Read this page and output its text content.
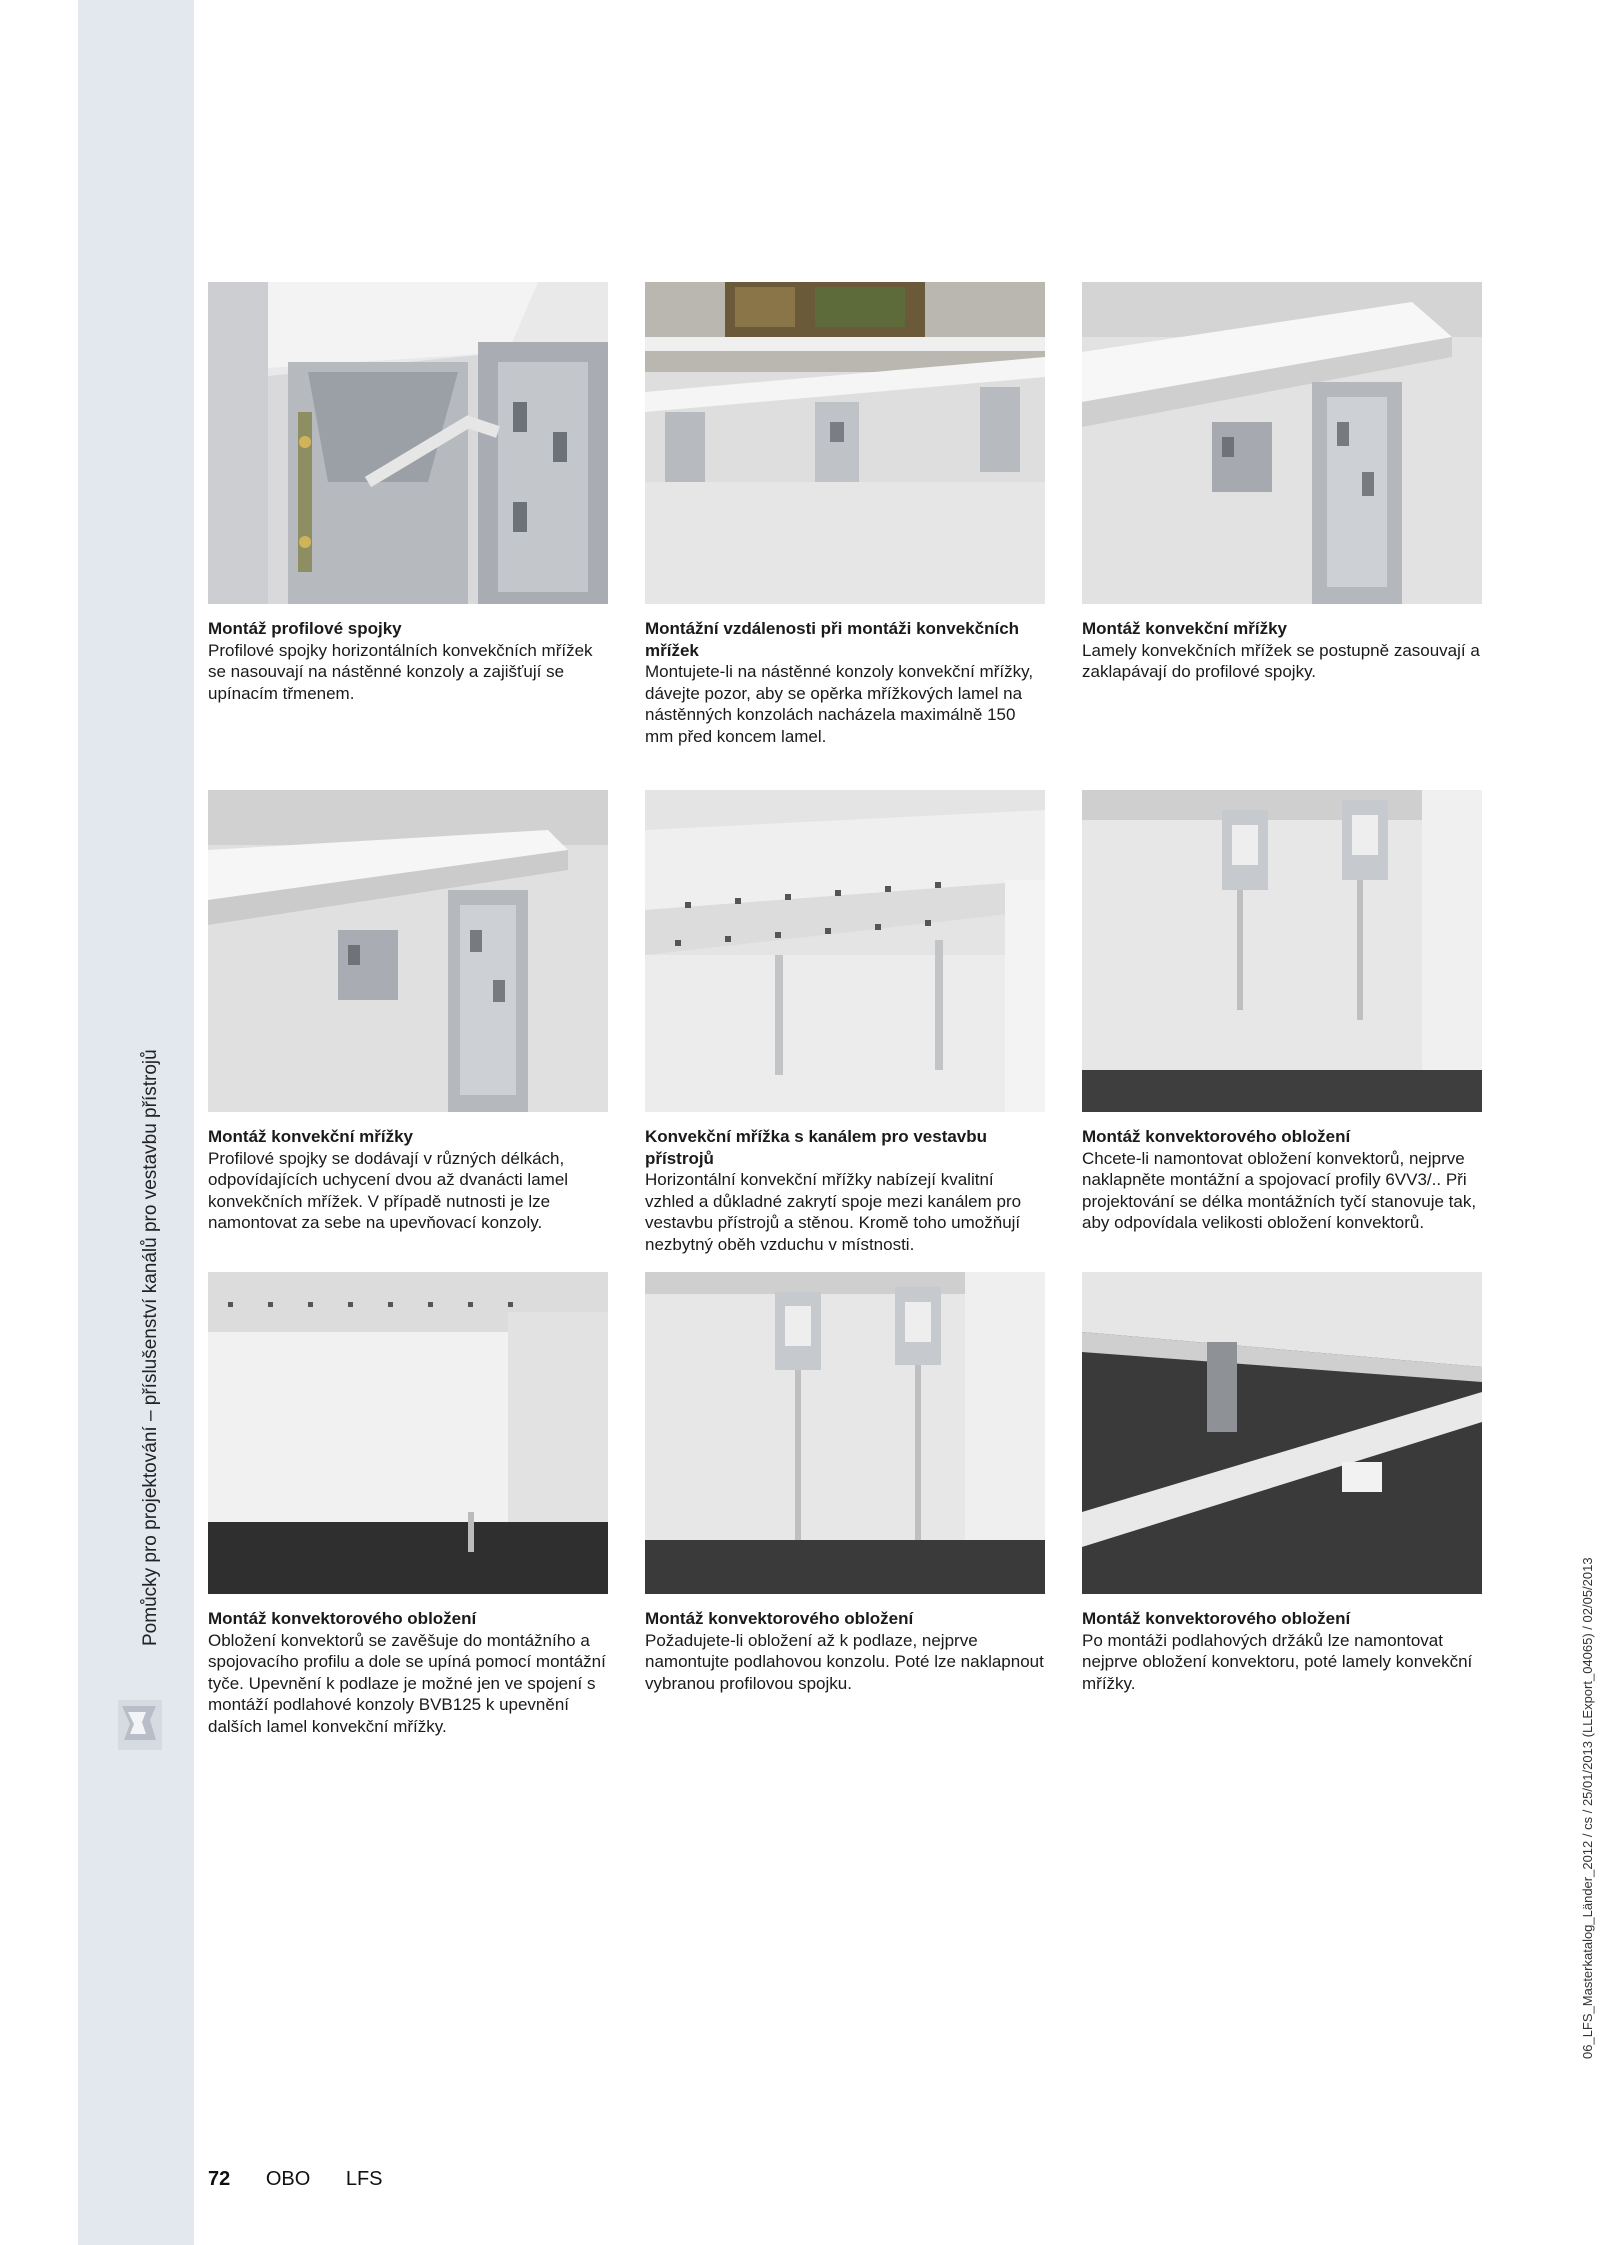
Pomůcky pro projektování – příslušenství kanálů pro vestavbu přístrojů
06_LFS_Masterkatalog_Länder_2012 / cs / 25/01/2013 (LLExport_04065) / 02/05/2013
Montáž profilové spojky
Profilové spojky horizontálních konvekčních mřížek se nasouvají na nástěnné konzoly a zajišťují se upínacím třmenem.
Montážní vzdálenosti při montáži konvekčních mřížek
Montujete-li na nástěnné konzoly konvekční mřížky, dávejte pozor, aby se opěrka mřížkových lamel na nástěnných konzolách nacházela maximálně 150 mm před koncem lamel.
Montáž konvekční mřížky
Lamely konvekčních mřížek se postupně zasouvají a zaklapávají do profilové spojky.
Montáž konvekční mřížky
Profilové spojky se dodávají v různých délkách, odpovídajících uchycení dvou až dvanácti lamel konvekčních mřížek. V případě nutnosti je lze namontovat za sebe na upevňovací konzoly.
Konvekční mřížka s kanálem pro vestavbu přístrojů
Horizontální konvekční mřížky nabízejí kvalitní vzhled a důkladné zakrytí spoje mezi kanálem pro vestavbu přístrojů a stěnou. Kromě toho umožňují nezbytný oběh vzduchu v místnosti.
Montáž konvektorového obložení
Chcete-li namontovat obložení konvektorů, nejprve naklapněte montážní a spojovací profily 6VV3/.. Při projektování se délka montážních tyčí stanovuje tak, aby odpovídala velikosti obložení konvektorů.
Montáž konvektorového obložení
Obložení konvektorů se zavěšuje do montážního a spojovacího profilu a dole se upíná pomocí montážní tyče. Upevnění k podlaze je možné jen ve spojení s montáží podlahové konzoly BVB125 k upevnění dalších lamel konvekční mřížky.
Montáž konvektorového obložení
Požadujete-li obložení až k podlaze, nejprve namontujte podlahovou konzolu. Poté lze naklapnout vybranou profilovou spojku.
Montáž konvektorového obložení
Po montáži podlahových držáků lze namontovat nejprve obložení konvektoru, poté lamely konvekční mřížky.
72 OBO LFS
